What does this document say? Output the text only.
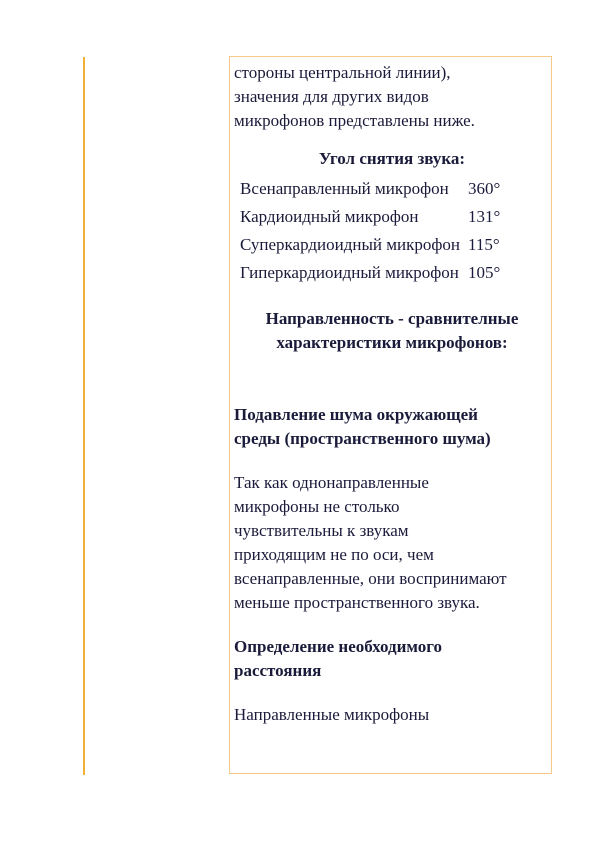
стороны центральной линии),

значения для других видов

микрофонов представлены ниже.

Угол снятия звука:

Всенаправленный микрофон	360°
Кардиоидный микрофон	131°
Суперкардиоидный микрофон	115°
Гиперкардиоидный микрофон	105°

Направленность - сравнителные

характеристики микрофонов:

Подавление шума окружающей

среды (пространственного шума)

Так как однонаправленные

микрофоны не столько

чувствительны к звукам

приходящим не по оси, чем

всенаправленные, они воспринимают

меньше пространственного звука.

Определение необходимого

расстояния

Направленные микрофоны
